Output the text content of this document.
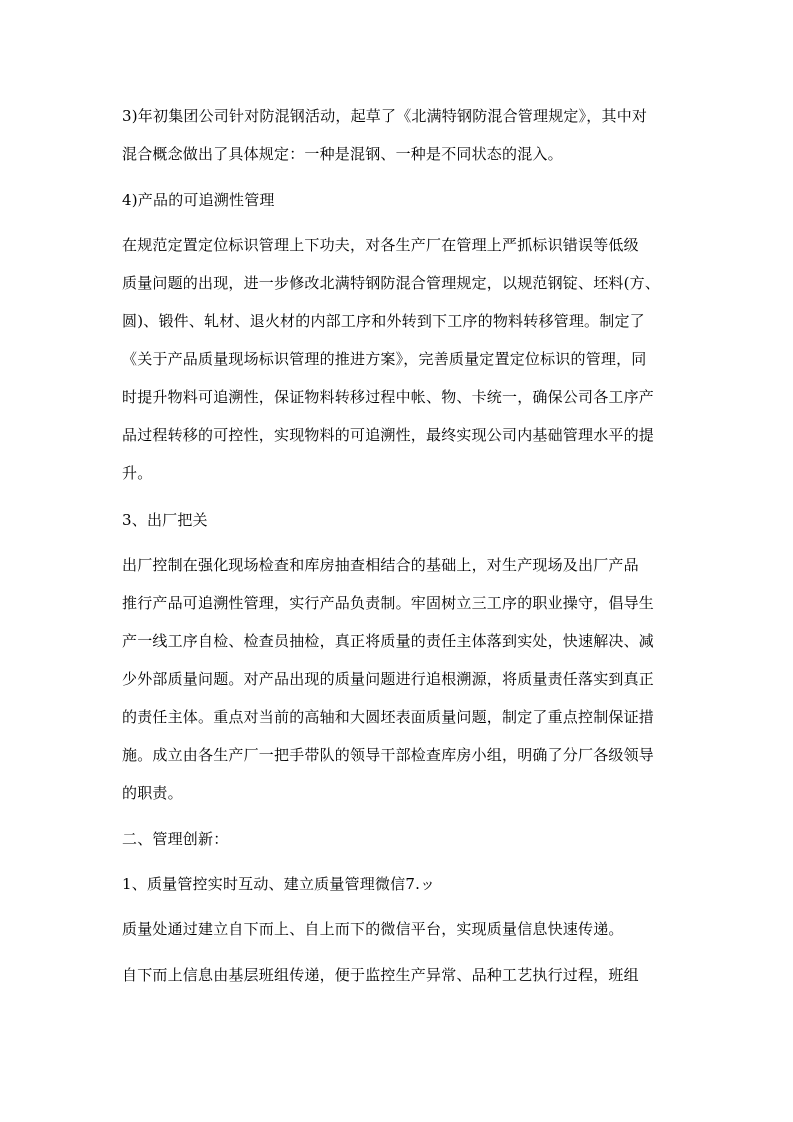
3)年初集团公司针对防混钢活动，起草了《北满特钢防混合管理规定》，其中对
混合概念做出了具体规定：一种是混钢、一种是不同状态的混入。
4)产品的可追溯性管理
在规范定置定位标识管理上下功夫，对各生产厂在管理上严抓标识错误等低级
质量问题的出现，进一步修改北满特钢防混合管理规定，以规范钢锭、坯料(方、
圆)、锻件、轧材、退火材的内部工序和外转到下工序的物料转移管理。制定了
《关于产品质量现场标识管理的推进方案》，完善质量定置定位标识的管理，同
时提升物料可追溯性，保证物料转移过程中帐、物、卡统一，确保公司各工序产
品过程转移的可控性，实现物料的可追溯性，最终实现公司内基础管理水平的提
升。
3、出厂把关
出厂控制在强化现场检查和库房抽查相结合的基础上，对生产现场及出厂产品
推行产品可追溯性管理，实行产品负责制。牢固树立三工序的职业操守，倡导生
产一线工序自检、检查员抽检，真正将质量的责任主体落到实处，快速解决、减
少外部质量问题。对产品出现的质量问题进行追根溯源，将质量责任落实到真正
的责任主体。重点对当前的高轴和大圆坯表面质量问题，制定了重点控制保证措
施。成立由各生产厂一把手带队的领导干部检查库房小组，明确了分厂各级领导
的职责。
二、管理创新：
1、质量管控实时互动、建立质量管理微信7.ッ
质量处通过建立自下而上、自上而下的微信平台，实现质量信息快速传递。
自下而上信息由基层班组传递，便于监控生产异常、品种工艺执行过程，班组
